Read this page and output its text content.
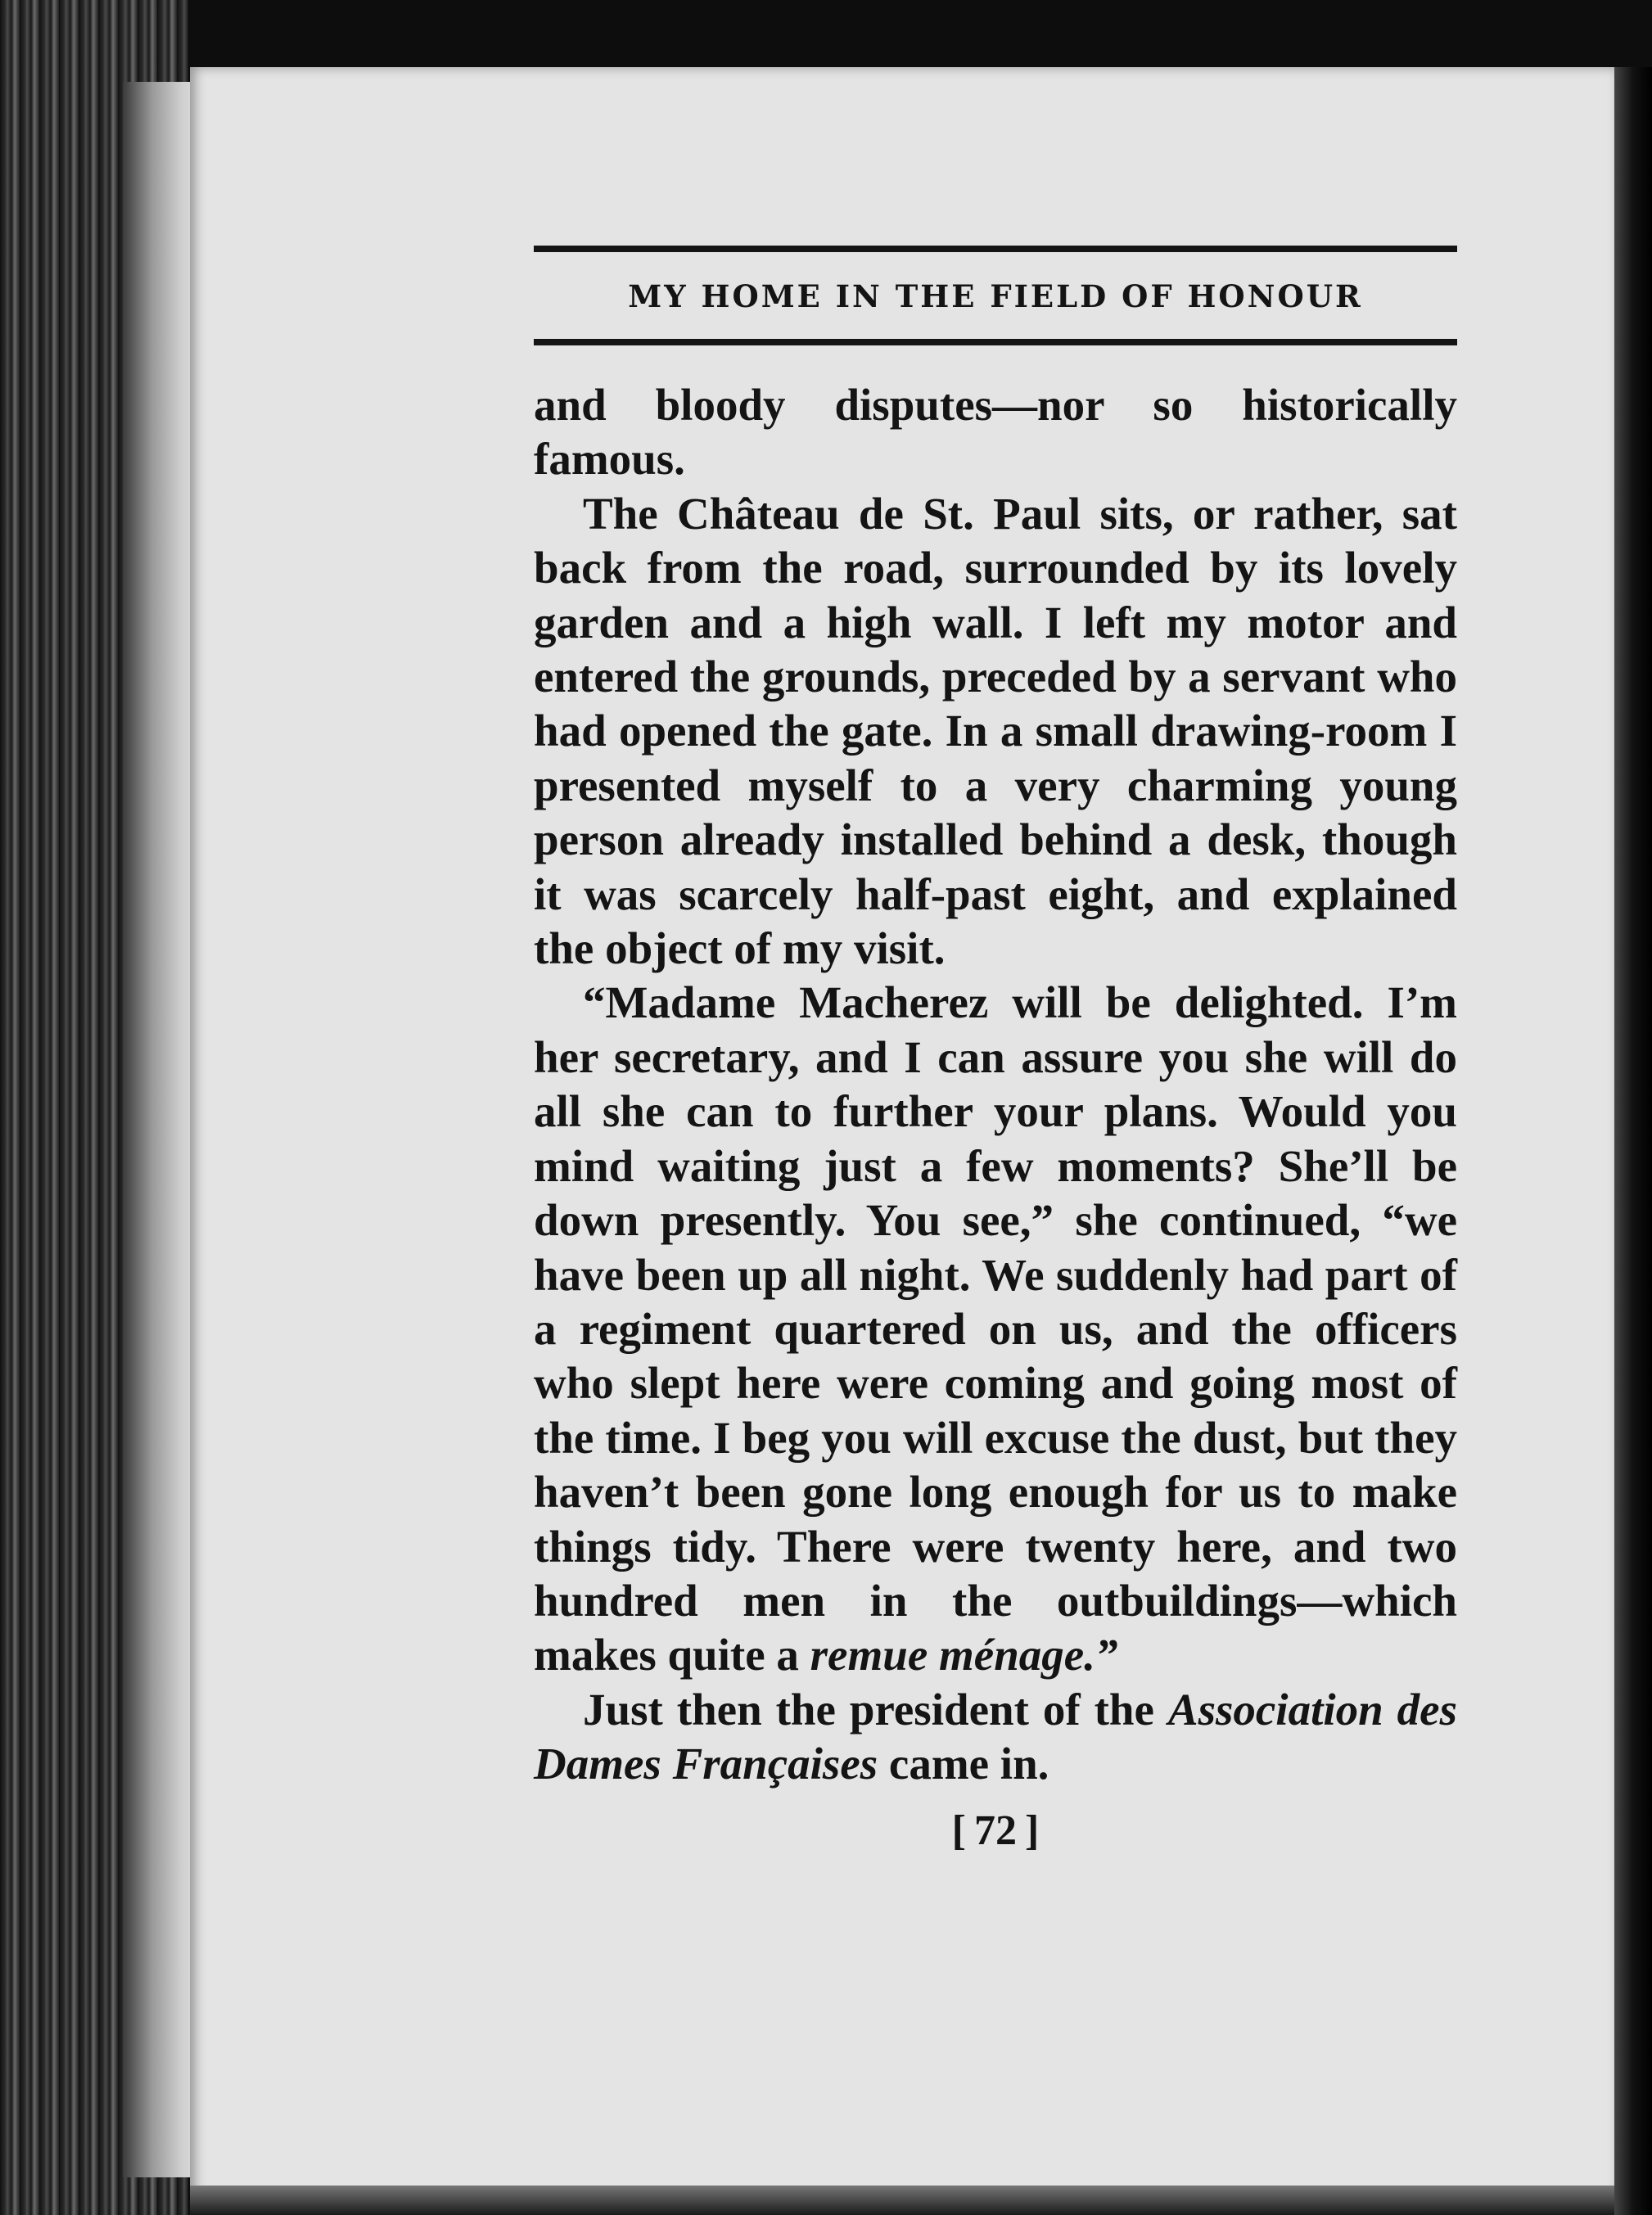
MY HOME IN THE FIELD OF HONOUR

and bloody disputes—nor so historically famous.

The Château de St. Paul sits, or rather, sat back from the road, surrounded by its lovely garden and a high wall. I left my motor and entered the grounds, preceded by a servant who had opened the gate. In a small drawing-room I presented myself to a very charming young person already installed behind a desk, though it was scarcely half-past eight, and explained the object of my visit.

“Madame Macherez will be delighted. I’m her secretary, and I can assure you she will do all she can to further your plans. Would you mind waiting just a few moments? She’ll be down presently. You see,” she continued, “we have been up all night. We suddenly had part of a regiment quartered on us, and the officers who slept here were coming and going most of the time. I beg you will excuse the dust, but they haven’t been gone long enough for us to make things tidy. There were twenty here, and two hundred men in the outbuildings—which makes quite a remue ménage.”

Just then the president of the Association des Dames Françaises came in.

[ 72 ]
